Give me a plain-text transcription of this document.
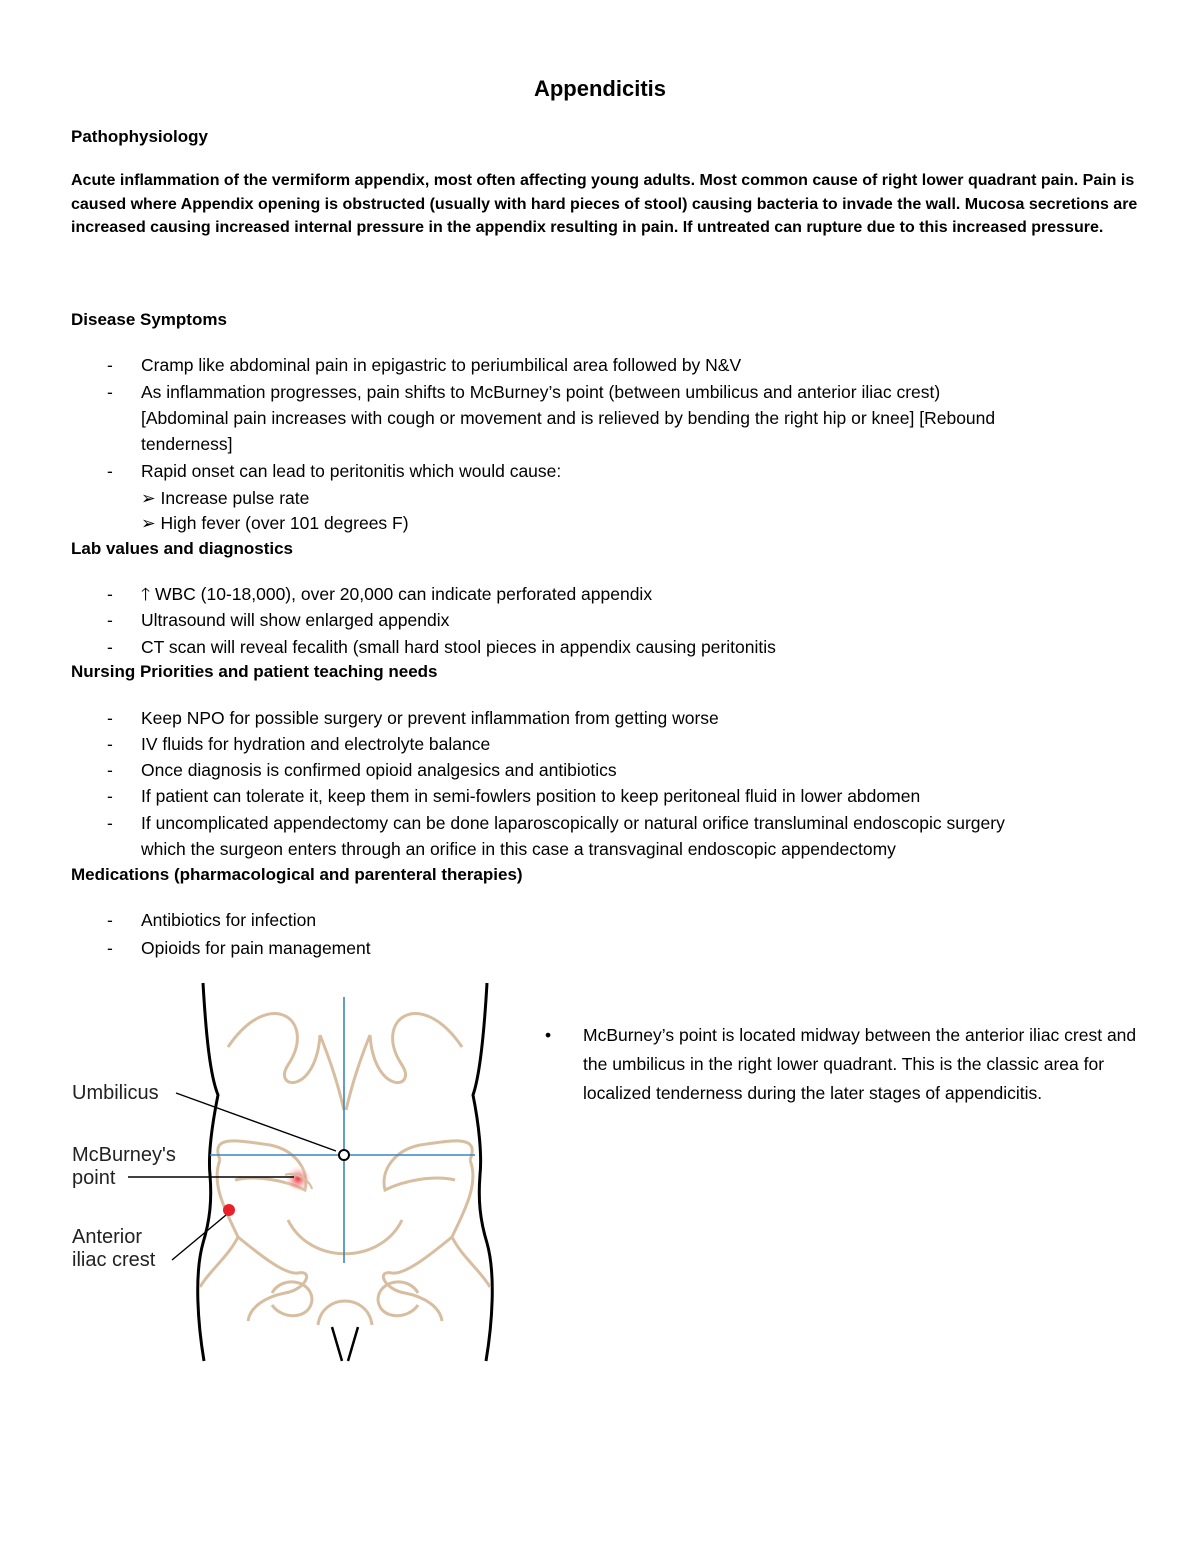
Appendicitis
Pathophysiology
Acute inflammation of the vermiform appendix, most often affecting young adults. Most common cause of right lower quadrant pain. Pain is caused where Appendix opening is obstructed (usually with hard pieces of stool) causing bacteria to invade the wall. Mucosa secretions are increased causing increased internal pressure in the appendix resulting in pain. If untreated can rupture due to this increased pressure.
Disease Symptoms
- Cramp like abdominal pain in epigastric to periumbilical area followed by N&V
- As inflammation progresses, pain shifts to McBurney’s point (between umbilicus and anterior iliac crest)
[Abdominal pain increases with cough or movement and is relieved by bending the right hip or knee] [Rebound
tenderness]
- Rapid onset can lead to peritonitis which would cause:
➢ Increase pulse rate
➢ High fever (over 101 degrees F)
Lab values and diagnostics
- 🡑 WBC (10-18,000), over 20,000 can indicate perforated appendix
- Ultrasound will show enlarged appendix
- CT scan will reveal fecalith (small hard stool pieces in appendix causing peritonitis
Nursing Priorities and patient teaching needs
- Keep NPO for possible surgery or prevent inflammation from getting worse
- IV fluids for hydration and electrolyte balance
- Once diagnosis is confirmed opioid analgesics and antibiotics
- If patient can tolerate it, keep them in semi-fowlers position to keep peritoneal fluid in lower abdomen
- If uncomplicated appendectomy can be done laparoscopically or natural orifice transluminal endoscopic surgery
which the surgeon enters through an orifice in this case a transvaginal endoscopic appendectomy
Medications (pharmacological and parenteral therapies)
- Antibiotics for infection
- Opioids for pain management
Umbilicus
McBurney's
point
Anterior
iliac crest
• McBurney’s point is located midway between the anterior iliac crest and the umbilicus in the right lower quadrant. This is the classic area for localized tenderness during the later stages of appendicitis.
